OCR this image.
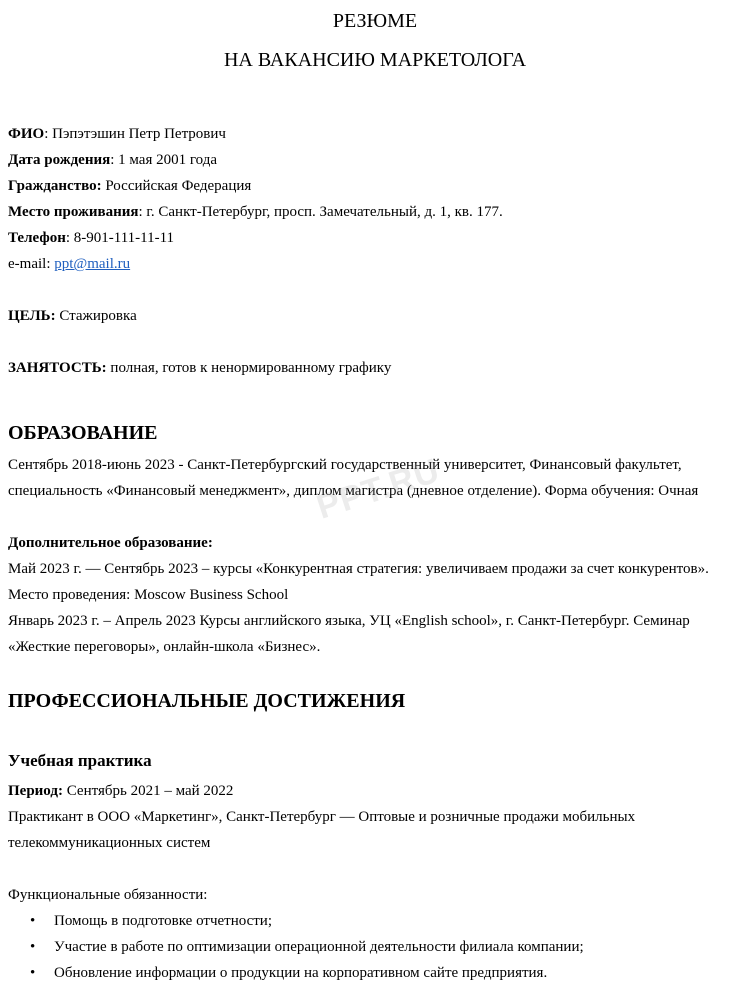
РЕЗЮМЕ
НА ВАКАНСИЮ МАРКЕТОЛОГА
ФИО: Пэпэтэшин Петр Петрович
Дата рождения: 1 мая 2001 года
Гражданство: Российская Федерация
Место проживания: г. Санкт-Петербург, просп. Замечательный, д. 1, кв. 177.
Телефон: 8-901-111-11-11
e-mail: ppt@mail.ru
ЦЕЛЬ: Стажировка
ЗАНЯТОСТЬ: полная, готов к ненормированному графику
ОБРАЗОВАНИЕ
Сентябрь 2018-июнь 2023 - Санкт-Петербургский государственный университет, Финансовый факультет,
специальность «Финансовый менеджмент», диплом магистра (дневное отделение). Форма обучения: Очная
Дополнительное образование:
Май 2023 г. — Сентябрь 2023 – курсы «Конкурентная стратегия: увеличиваем продажи за счет конкурентов».
Место проведения: Moscow Business School
Январь 2023 г. – Апрель 2023 Курсы английского языка, УЦ «English school», г. Санкт-Петербург. Семинар
«Жесткие переговоры», онлайн-школа «Бизнес».
ПРОФЕССИОНАЛЬНЫЕ ДОСТИЖЕНИЯ
Учебная практика
Период: Сентябрь 2021 – май 2022
Практикант в ООО «Маркетинг», Санкт-Петербург — Оптовые и розничные продажи мобильных
телекоммуникационных систем
Функциональные обязанности:
• Помощь в подготовке отчетности;
• Участие в работе по оптимизации операционной деятельности филиала компании;
• Обновление информации о продукции на корпоративном сайте предприятия.
PPT.RU
